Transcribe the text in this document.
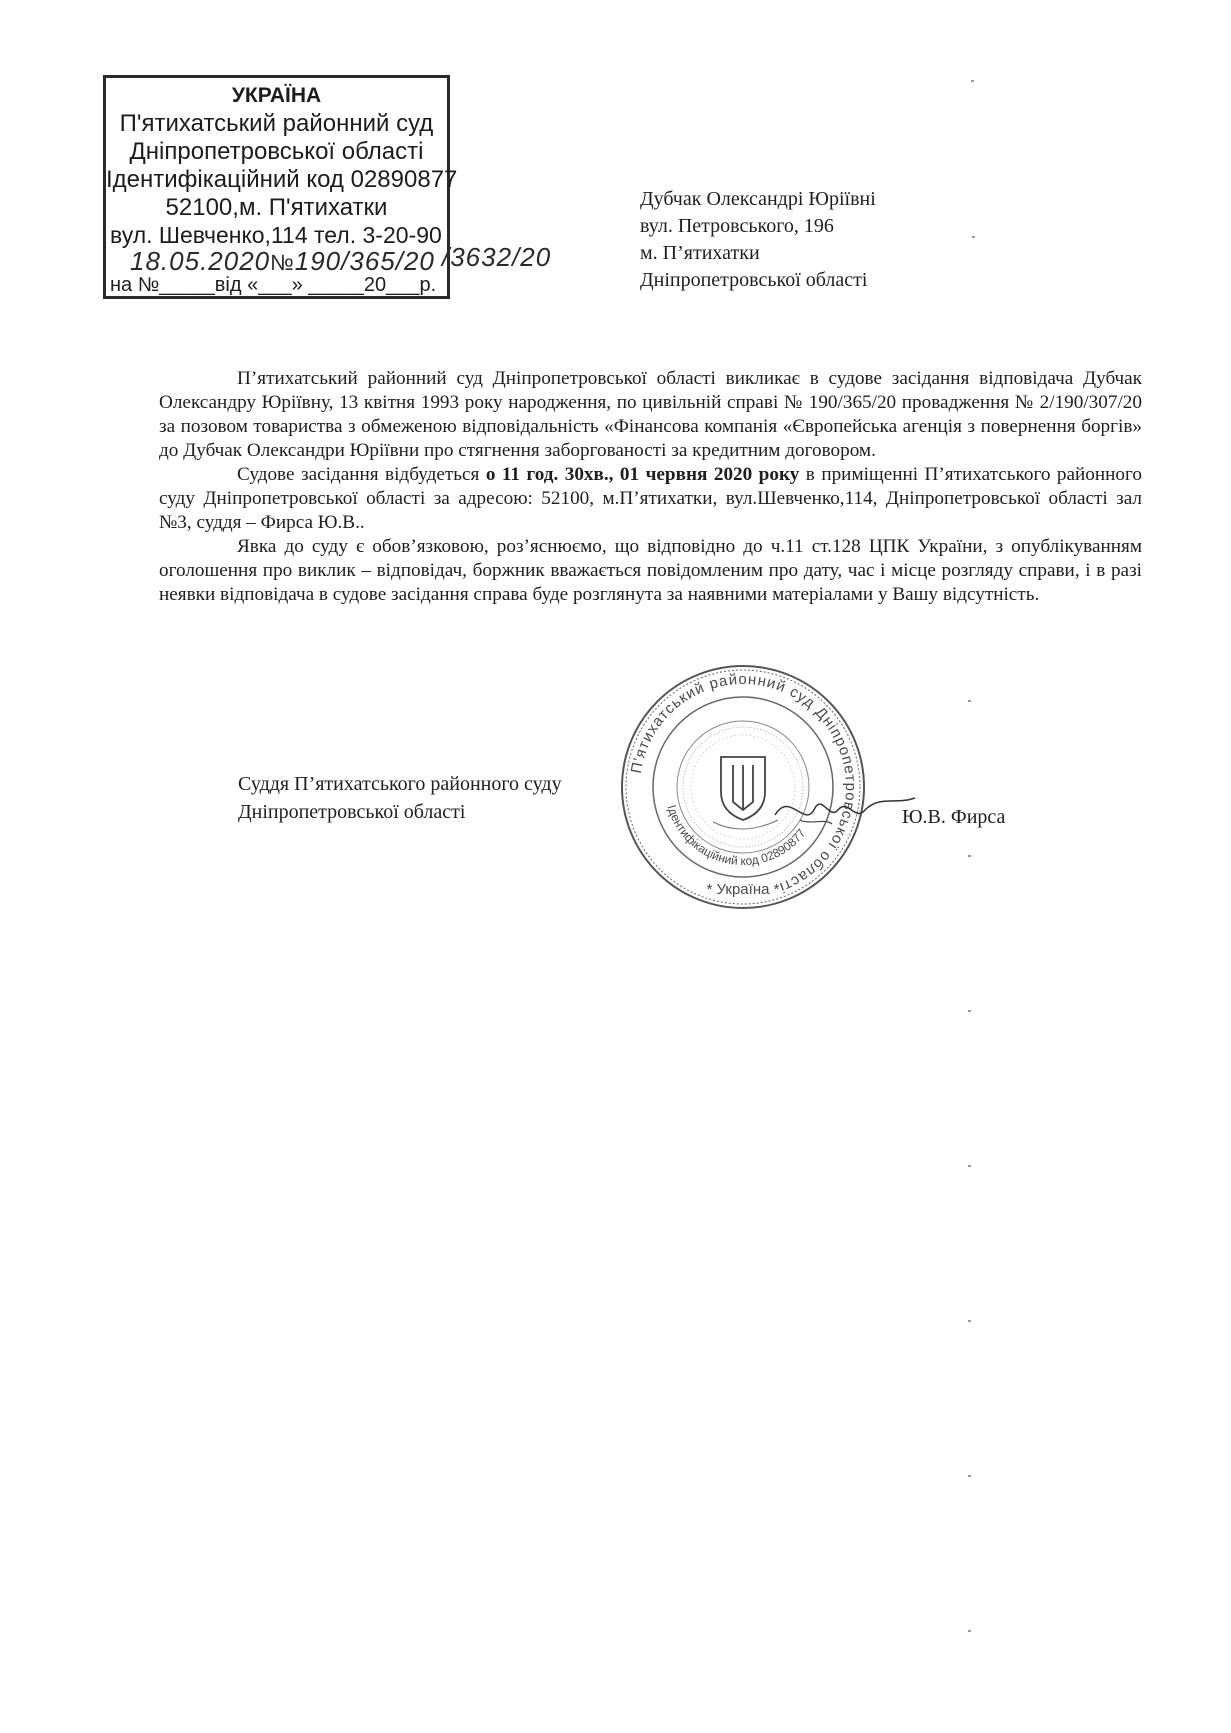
УКРАЇНА
П'ятихатський районний суд
Дніпропетровської області
Ідентифікаційний код 02890877
52100,м. П'ятихатки
вул. Шевченко,114 тел. 3-20-90
18.05.2020№190/365/20 /3632/20
на №_____від «___» _____20___р.
Дубчак Олександрі Юріївні
вул. Петровського, 196
м. П’ятихатки
Дніпропетровської області

П’ятихатський районний суд Дніпропетровської області викликає в судове засідання відповідача Дубчак Олександру Юріївну, 13 квітня 1993 року народження, по цивільній справі № 190/365/20 провадження № 2/190/307/20 за позовом товариства з обмеженою відповідальність «Фінансова компанія «Європейська агенція з повернення боргів» до Дубчак Олександри Юріївни про стягнення заборгованості за кредитним договором.

Судове засідання відбудеться о 11 год. 30хв., 01 червня 2020 року в приміщенні П’ятихатського районного суду Дніпропетровської області за адресою: 52100, м.П’ятихатки, вул.Шевченко,114, Дніпропетровської області зал №3, суддя – Фирса Ю.В..

Явка до суду є обов’язковою, роз’яснюємо, що відповідно до ч.11 ст.128 ЦПК України, з опублікуванням оголошення про виклик – відповідач, боржник вважається повідомленим про дату, час і місце розгляду справи, і в разі неявки відповідача в судове засідання справа буде розглянута за наявними матеріалами у Вашу відсутність.

Суддя П’ятихатського районного суду
Дніпропетровської області
П'ятихатський районний суд Дніпропетровської області
Ідентифікаційний код 02890877
* Україна *
Ю.В. Фирса
